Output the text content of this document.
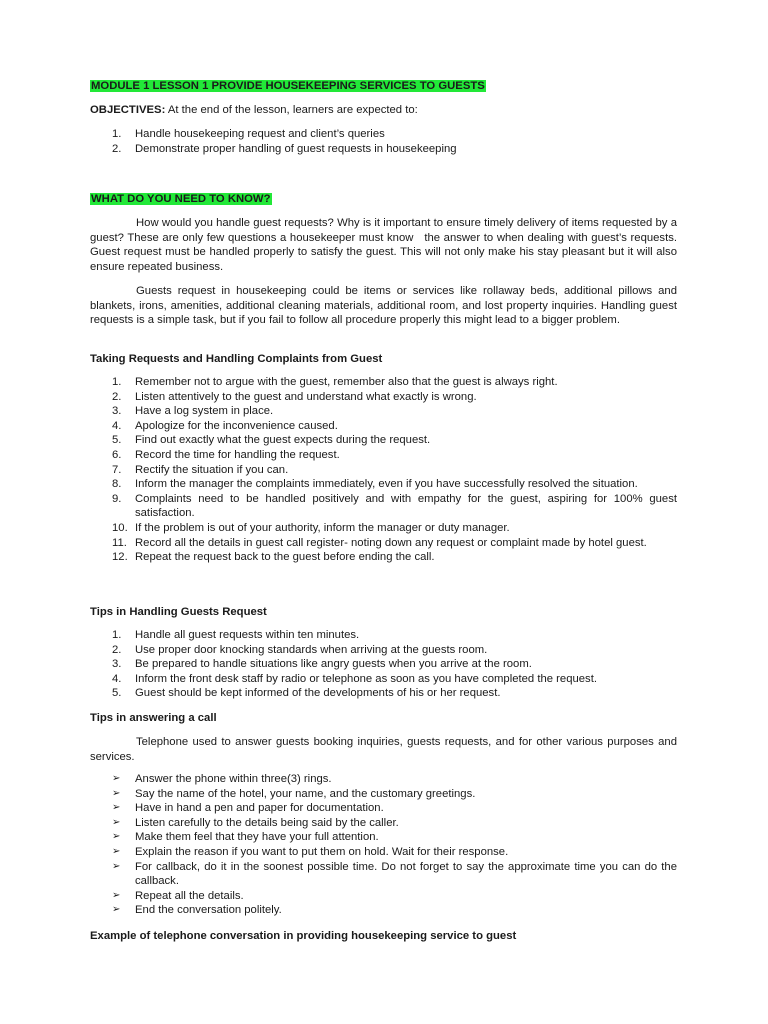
MODULE 1 LESSON 1 PROVIDE HOUSEKEEPING SERVICES TO GUESTS
OBJECTIVES: At the end of the lesson, learners are expected to:
1. Handle housekeeping request and client’s queries
2. Demonstrate proper handling of guest requests in housekeeping
WHAT DO YOU NEED TO KNOW?

How would you handle guest requests? Why is it important to ensure timely delivery of items requested by a guest? These are only few questions a housekeeper must know   the answer to when dealing with guest’s requests. Guest request must be handled properly to satisfy the guest. This will not only make his stay pleasant but it will also ensure repeated business.

Guests request in housekeeping could be items or services like rollaway beds, additional pillows and blankets, irons, amenities, additional cleaning materials, additional room, and lost property inquiries. Handling guest requests is a simple task, but if you fail to follow all procedure properly this might lead to a bigger problem.

Taking Requests and Handling Complaints from Guest
1. Remember not to argue with the guest, remember also that the guest is always right.
2. Listen attentively to the guest and understand what exactly is wrong.
3. Have a log system in place.
4. Apologize for the inconvenience caused.
5. Find out exactly what the guest expects during the request.
6. Record the time for handling the request.
7. Rectify the situation if you can.
8. Inform the manager the complaints immediately, even if you have successfully resolved the situation.
9. Complaints need to be handled positively and with empathy for the guest, aspiring for 100% guest satisfaction.
10. If the problem is out of your authority, inform the manager or duty manager.
11. Record all the details in guest call register- noting down any request or complaint made by hotel guest.
12. Repeat the request back to the guest before ending the call.
Tips in Handling Guests Request
1. Handle all guest requests within ten minutes.
2. Use proper door knocking standards when arriving at the guests room.
3. Be prepared to handle situations like angry guests when you arrive at the room.
4. Inform the front desk staff by radio or telephone as soon as you have completed the request.
5. Guest should be kept informed of the developments of his or her request.
Tips in answering a call

Telephone used to answer guests booking inquiries, guests requests, and for other various purposes and services.

➢ Answer the phone within three(3) rings.
➢ Say the name of the hotel, your name, and the customary greetings.
➢ Have in hand a pen and paper for documentation.
➢ Listen carefully to the details being said by the caller.
➢ Make them feel that they have your full attention.
➢ Explain the reason if you want to put them on hold. Wait for their response.
➢ For callback, do it in the soonest possible time. Do not forget to say the approximate time you can do the callback.
➢ Repeat all the details.
➢ End the conversation politely.
Example of telephone conversation in providing housekeeping service to guest
